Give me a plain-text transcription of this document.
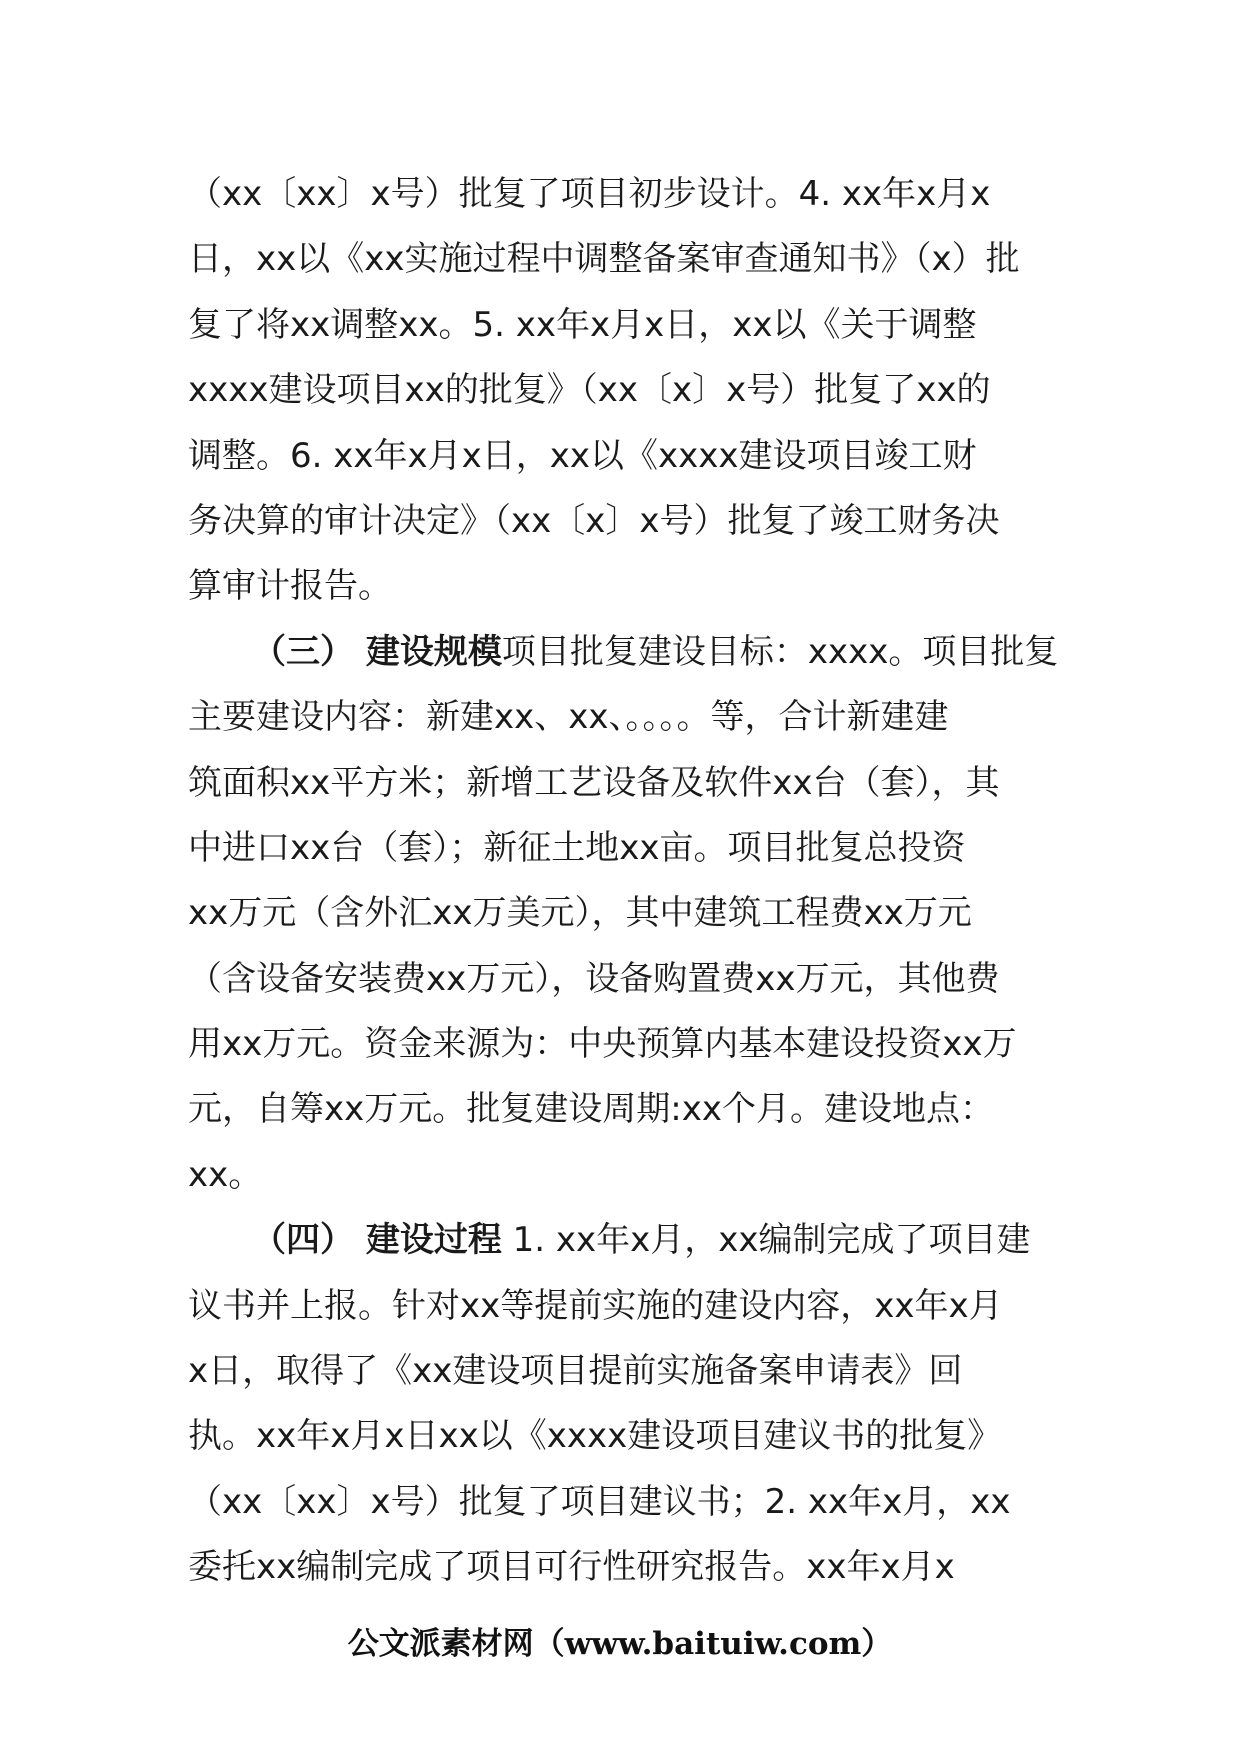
（xx〔xx〕x号）批复了项目初步设计。4. xx年x月x
日，xx以《xx实施过程中调整备案审查通知书》（x）批
复了将xx调整xx。5. xx年x月x日，xx以《关于调整
xxxx建设项目xx的批复》（xx〔x〕x号）批复了xx的
调整。6. xx年x月x日，xx以《xxxx建设项目竣工财
务决算的审计决定》（xx〔x〕x号）批复了竣工财务决
算审计报告。
（三） 建设规模项目批复建设目标：xxxx。项目批复
主要建设内容：新建xx、xx、。。。。等，合计新建建
筑面积xx平方米；新增工艺设备及软件xx台（套），其
中进口xx台（套）；新征土地xx亩。项目批复总投资
xx万元（含外汇xx万美元），其中建筑工程费xx万元
（含设备安装费xx万元），设备购置费xx万元，其他费
用xx万元。资金来源为：中央预算内基本建设投资xx万
元，自筹xx万元。批复建设周期:xx个月。建设地点：
xx。
（四） 建设过程 1. xx年x月，xx编制完成了项目建
议书并上报。针对xx等提前实施的建设内容，xx年x月
x日，取得了《xx建设项目提前实施备案申请表》回
执。xx年x月x日xx以《xxxx建设项目建议书的批复》
（xx〔xx〕x号）批复了项目建议书；2. xx年x月，xx
委托xx编制完成了项目可行性研究报告。xx年x月x
公文派素材网（www.baituiw.com）
